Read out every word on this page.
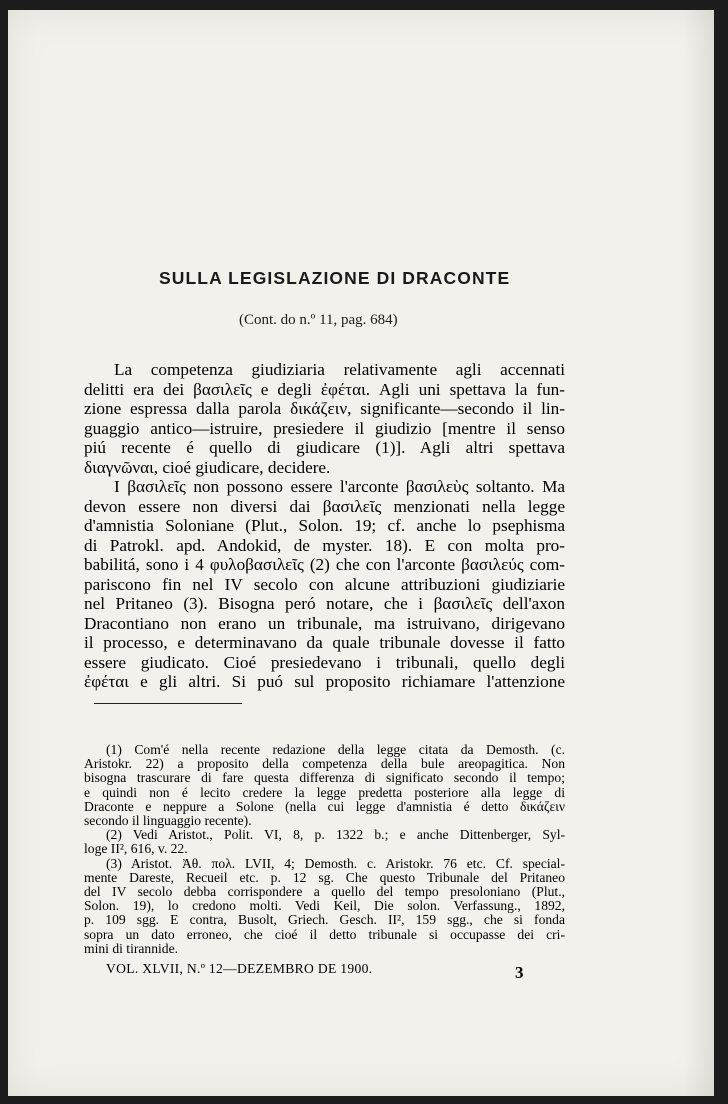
SULLA LEGISLAZIONE DI DRACONTE
(Cont. do n.º 11, pag. 684)

La competenza giudiziaria relativamente agli accennati

delitti era dei βασιλεῖς e degli ἐφέται. Agli uni spettava la fun-

zione espressa dalla parola δικάζειν, significante—secondo il lin-

guaggio antico—istruire, presiedere il giudizio [mentre il senso

piú recente é quello di giudicare (1)]. Agli altri spettava

διαγνῶναι, cioé giudicare, decidere.

I βασιλεῖς non possono essere l'arconte βασιλεὺς soltanto. Ma

devon essere non diversi dai βασιλεῖς menzionati nella legge

d'amnistia Soloniane (Plut., Solon. 19; cf. anche lo psephisma

di Patrokl. apd. Andokid, de myster. 18). E con molta pro-

babilitá, sono i 4 φυλοβασιλεῖς (2) che con l'arconte βασιλεύς com-

pariscono fin nel IV secolo con alcune attribuzioni giudiziarie

nel Pritaneo (3). Bisogna peró notare, che i βασιλεῖς dell'axon

Dracontiano non erano un tribunale, ma istruivano, dirigevano

il processo, e determinavano da quale tribunale dovesse il fatto

essere giudicato. Cioé presiedevano i tribunali, quello degli

ἐφέται e gli altri. Si puó sul proposito richiamare l'attenzione

(1) Com'é nella recente redazione della legge citata da Demosth. (c.

Aristokr. 22) a proposito della competenza della bule areopagitica. Non

bisogna trascurare di fare questa differenza di significato secondo il tempo;

e quindi non é lecito credere la legge predetta posteriore alla legge di

Draconte e neppure a Solone (nella cui legge d'amnistia é detto δικάζειν

secondo il linguaggio recente).

(2) Vedi Aristot., Polit. VI, 8, p. 1322 b.; e anche Dittenberger, Syl-

loge II², 616, v. 22.

(3) Aristot. Ἀθ. πολ. LVII, 4; Demosth. c. Aristokr. 76 etc. Cf. special-

mente Dareste, Recueil etc. p. 12 sg. Che questo Tribunale del Pritaneo

del IV secolo debba corrispondere a quello del tempo presoloniano (Plut.,

Solon. 19), lo credono molti. Vedi Keil, Die solon. Verfassung., 1892,

p. 109 sgg. E contra, Busolt, Griech. Gesch. II², 159 sgg., che si fonda

sopra un dato erroneo, che cioé il detto tribunale si occupasse dei cri-

mini di tirannide.

VOL. XLVII, N.º 12—DEZEMBRO DE 1900.	3
